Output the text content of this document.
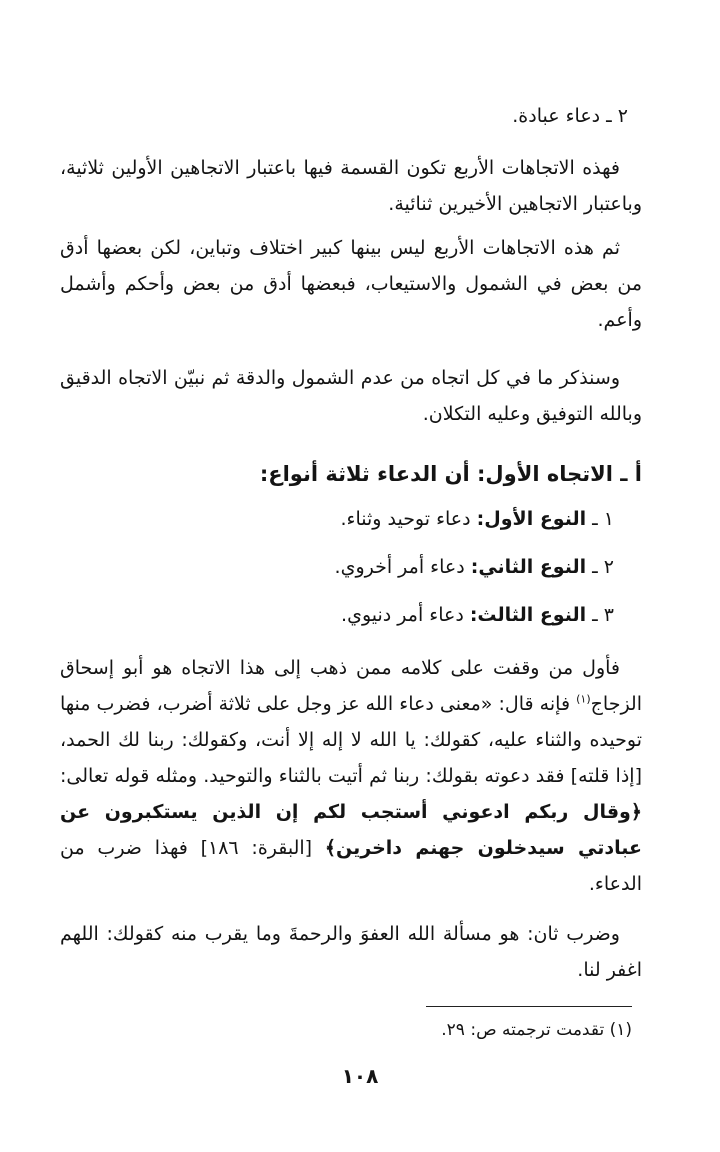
٢ ـ دعاء عبادة.

فهذه الاتجاهات الأربع تكون القسمة فيها باعتبار الاتجاهين الأولين ثلاثية، وباعتبار الاتجاهين الأخيرين ثنائية.

ثم هذه الاتجاهات الأربع ليس بينها كبير اختلاف وتباين، لكن بعضها أدق من بعض في الشمول والاستيعاب، فبعضها أدق من بعض وأحكم وأشمل وأعم.

وسنذكر ما في كل اتجاه من عدم الشمول والدقة ثم نبيّن الاتجاه الدقيق وبالله التوفيق وعليه التكلان.

أ ـ الاتجاه الأول: أن الدعاء ثلاثة أنواع:
١ ـ النوع الأول: دعاء توحيد وثناء.
٢ ـ النوع الثاني: دعاء أمر أخروي.
٣ ـ النوع الثالث: دعاء أمر دنيوي.

فأول من وقفت على كلامه ممن ذهب إلى هذا الاتجاه هو أبو إسحاق الزجاج$^{(١)}$ فإنه قال: «معنى دعاء الله عز وجل على ثلاثة أضرب، فضرب منها توحيده والثناء عليه، كقولك: يا الله لا إله إلا أنت، وكقولك: ربنا لك الحمد، [إذا قلته] فقد دعوته بقولك: ربنا ثم أتيت بالثناء والتوحيد. ومثله قوله تعالى: ﴿وقال ربكم ادعوني أستجب لكم إن الذين يستكبرون عن عبادتي سيدخلون جهنم داخرين﴾ [البقرة: ١٨٦] فهذا ضرب من الدعاء.

وضرب ثان: هو مسألة الله العفوَ والرحمةَ وما يقرب منه كقولك: اللهم اغفر لنا.

(١) تقدمت ترجمته ص: ٢٩.
١٠٨
